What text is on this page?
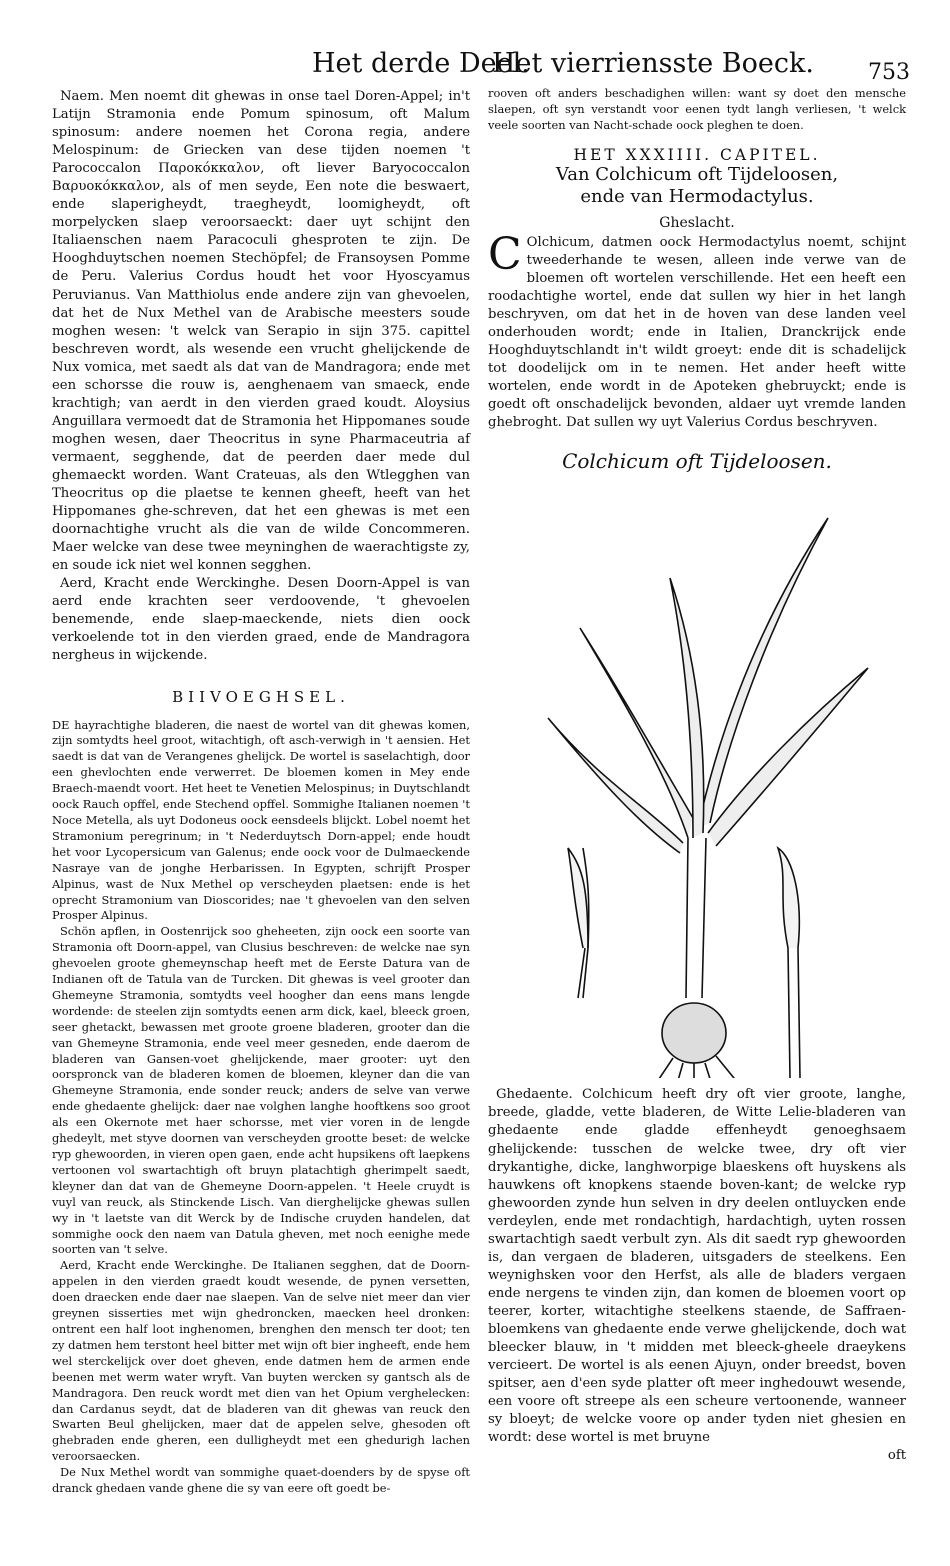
Het derde Deel.
Het vierriensste Boeck. 753

Naem. Men noemt dit ghewas in onse tael Doren-Appel; in't Latijn Stramonia ende Pomum spinosum, oft Malum spinosum: andere noemen het Corona regia, andere Melospinum: de Griecken van dese tijden noemen 't Parococcalon Παροκόκκαλον, oft liever Baryococcalon Βαρυοκόκκαλον, als of men seyde, Een note die beswaert, ende slaperigheydt, traegheydt, loomigheydt, oft morpelycken slaep veroorsaeckt: daer uyt schijnt den Italiaenschen naem Paracoculi ghesproten te zijn. De Hooghduytschen noemen Stechöpfel; de Fransoysen Pomme de Peru. Valerius Cordus houdt het voor Hyoscyamus Peruvianus. Van Matthiolus ende andere zijn van ghevoelen, dat het de Nux Methel van de Arabische meesters soude moghen wesen: 't welck van Serapio in sijn 375. capittel beschreven wordt, als wesende een vrucht ghelijckende de Nux vomica, met saedt als dat van de Mandragora; ende met een schorsse die rouw is, aenghenaem van smaeck, ende krachtigh; van aerdt in den vierden graed koudt. Aloysius Anguillara vermoedt dat de Stramonia het Hippomanes soude moghen wesen, daer Theocritus in syne Pharmaceutria af vermaent, segghende, dat de peerden daer mede dul ghemaeckt worden. Want Crateuas, als den Wtlegghen van Theocritus op die plaetse te kennen gheeft, heeft van het Hippomanes ghe-schreven, dat het een ghewas is met een doornachtighe vrucht als die van de wilde Concommeren. Maer welcke van dese twee meyninghen de waerachtigste zy, en soude ick niet wel konnen segghen.

Aerd, Kracht ende Werckinghe. Desen Doorn-Appel is van aerd ende krachten seer verdoovende, 't ghevoelen benemende, ende slaep-maeckende, niets dien oock verkoelende tot in den vierden graed, ende de Mandragora nergheus in wijckende.

BIIVOEGHSEL.

DE hayrachtighe bladeren, die naest de wortel van dit ghewas komen, zijn somtydts heel groot, witachtigh, oft asch-verwigh in 't aensien. Het saedt is dat van de Verangenes ghelijck. De wortel is saselachtigh, door een ghevlochten ende verwerret. De bloemen komen in Mey ende Braech-maendt voort. Het heet te Venetien Melospinus; in Duytschlandt oock Rauch opffel, ende Stechend opffel. Sommighe Italianen noemen 't Noce Metella, als uyt Dodoneus oock eensdeels blijckt. Lobel noemt het Stramonium peregrinum; in 't Nederduytsch Dorn-appel; ende houdt het voor Lycopersicum van Galenus; ende oock voor de Dulmaeckende Nasraye van de jonghe Herbarissen. In Egypten, schrijft Prosper Alpinus, wast de Nux Methel op verscheyden plaetsen: ende is het oprecht Stramonium van Dioscorides; nae 't ghevoelen van den selven Prosper Alpinus.

Schön apflen, in Oostenrijck soo gheheeten, zijn oock een soorte van Stramonia oft Doorn-appel, van Clusius beschreven: de welcke nae syn ghevoelen groote ghemeynschap heeft met de Eerste Datura van de Indianen oft de Tatula van de Turcken. Dit ghewas is veel grooter dan Ghemeyne Stramonia, somtydts veel hoogher dan eens mans lengde wordende: de steelen zijn somtydts eenen arm dick, kael, bleeck groen, seer ghetackt, bewassen met groote groene bladeren, grooter dan die van Ghemeyne Stramonia, ende veel meer gesneden, ende daerom de bladeren van Gansen-voet ghelijckende, maer grooter: uyt den oorspronck van de bladeren komen de bloemen, kleyner dan die van Ghemeyne Stramonia, ende sonder reuck; anders de selve van verwe ende ghedaente ghelijck: daer nae volghen langhe hooftkens soo groot als een Okernote met haer schorsse, met vier voren in de lengde ghedeylt, met styve doornen van verscheyden grootte beset: de welcke ryp ghewoorden, in vieren open gaen, ende acht hupsikens oft laepkens vertoonen vol swartachtigh oft bruyn platachtigh gherimpelt saedt, kleyner dan dat van de Ghemeyne Doorn-appelen. 't Heele cruydt is vuyl van reuck, als Stinckende Lisch. Van dierghelijcke ghewas sullen wy in 't laetste van dit Werck by de Indische cruyden handelen, dat sommighe oock den naem van Datula gheven, met noch eenighe mede soorten van 't selve.

Aerd, Kracht ende Werckinghe. De Italianen segghen, dat de Doorn-appelen in den vierden graedt koudt wesende, de pynen versetten, doen draecken ende daer nae slaepen. Van de selve niet meer dan vier greynen sisserties met wijn ghedroncken, maecken heel dronken: ontrent een half loot inghenomen, brenghen den mensch ter doot; ten zy datmen hem terstont heel bitter met wijn oft bier ingheeft, ende hem wel sterckelijck over doet gheven, ende datmen hem de armen ende beenen met werm water wryft. Van buyten wercken sy gantsch als de Mandragora. Den reuck wordt met dien van het Opium verghelecken: dan Cardanus seydt, dat de bladeren van dit ghewas van reuck den Swarten Beul ghelijcken, maer dat de appelen selve, ghesoden oft ghebraden ende gheren, een dulligheydt met een ghedurigh lachen veroorsaecken.

De Nux Methel wordt van sommighe quaet-doenders by de spyse oft dranck ghedaen vande ghene die sy van eere oft goedt be-

rooven oft anders beschadighen willen: want sy doet den mensche slaepen, oft syn verstandt voor eenen tydt langh verliesen, 't welck veele soorten van Nacht-schade oock pleghen te doen.

HET XXXIIII. CAPITEL.
Van Colchicum oft Tijdeloosen,
ende van Hermodactylus.
Gheslacht.

C Olchicum, datmen oock Hermodactylus noemt, schijnt tweederhande te wesen, alleen inde verwe van de bloemen oft wortelen verschillende. Het een heeft een roodachtighe wortel, ende dat sullen wy hier in het langh beschryven, om dat het in de hoven van dese landen veel onderhouden wordt; ende in Italien, Dranckrijck ende Hooghduytschlandt in't wildt groeyt: ende dit is schadelijck tot doodelijck om in te nemen. Het ander heeft witte wortelen, ende wordt in de Apoteken ghebruyckt; ende is goedt oft onschadelijck bevonden, aldaer uyt vremde landen ghebroght. Dat sullen wy uyt Valerius Cordus beschryven.

Colchicum oft Tijdeloosen.

Ghedaente. Colchicum heeft dry oft vier groote, langhe, breede, gladde, vette bladeren, de Witte Lelie-bladeren van ghedaente ende gladde effenheydt genoeghsaem ghelijckende: tusschen de welcke twee, dry oft vier drykantighe, dicke, langhworpige blaeskens oft huyskens als hauwkens oft knopkens staende boven-kant; de welcke ryp ghewoorden zynde hun selven in dry deelen ontluycken ende verdeylen, ende met rondachtigh, hardachtigh, uyten rossen swartachtigh saedt verbult zyn. Als dit saedt ryp ghewoorden is, dan vergaen de bladeren, uitsgaders de steelkens. Een weynighsken voor den Herfst, als alle de bladers vergaen ende nergens te vinden zijn, dan komen de bloemen voort op teerer, korter, witachtighe steelkens staende, de Saffraen-bloemkens van ghedaente ende verwe ghelijckende, doch wat bleecker blauw, in 't midden met bleeck-gheele draeykens vercieert. De wortel is als eenen Ajuyn, onder breedst, boven spitser, aen d'een syde platter oft meer inghedouwt wesende, een voore oft streepe als een scheure vertoonende, wanneer sy bloeyt; de welcke voore op ander tyden niet ghesien en wordt: dese wortel is met bruyne

oft
